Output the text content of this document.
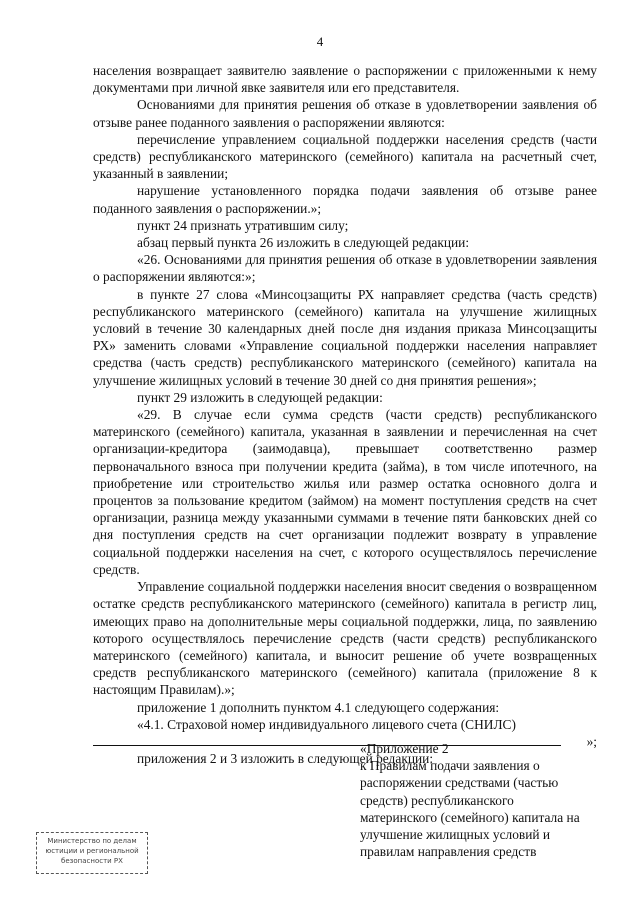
4

населения возвращает заявителю заявление о распоряжении с приложенными к нему документами при личной явке заявителя или его представителя.

Основаниями для принятия решения об отказе в удовлетворении заявления об отзыве ранее поданного заявления о распоряжении являются:

перечисление управлением социальной поддержки населения средств (части средств) республиканского материнского (семейного) капитала на расчетный счет, указанный в заявлении;

нарушение установленного порядка подачи заявления об отзыве ранее поданного заявления о распоряжении.»;

пункт 24 признать утратившим силу;

абзац первый пункта 26 изложить в следующей редакции:

«26. Основаниями для принятия решения об отказе в удовлетворении заявления о распоряжении являются:»;

в пункте 27 слова «Минсоцзащиты РХ направляет средства (часть средств) республиканского материнского (семейного) капитала на улучшение жилищных условий в течение 30 календарных дней после дня издания приказа Минсоцзащиты РХ» заменить словами «Управление социальной поддержки населения направляет средства (часть средств) республиканского материнского (семейного) капитала на улучшение жилищных условий в течение 30 дней со дня принятия решения»;

пункт 29 изложить в следующей редакции:

«29. В случае если сумма средств (части средств) республиканского материнского (семейного) капитала, указанная в заявлении и перечисленная на счет организации-кредитора (заимодавца), превышает соответственно размер первоначального взноса при получении кредита (займа), в том числе ипотечного, на приобретение или строительство жилья или размер остатка основного долга и процентов за пользование кредитом (займом) на момент поступления средств на счет организации, разница между указанными суммами в течение пяти банковских дней со дня поступления средств на счет организации подлежит возврату в управление социальной поддержки населения на счет, с которого осуществлялось перечисление средств.

Управление социальной поддержки населения вносит сведения о возвращенном остатке средств республиканского материнского (семейного) капитала в регистр лиц, имеющих право на дополнительные меры социальной поддержки, лица, по заявлению которого осуществлялось перечисление средств (части средств) республиканского материнского (семейного) капитала, и выносит решение об учете возвращенных средств республиканского материнского (семейного) капитала (приложение 8 к настоящим Правилам).»;

приложение 1 дополнить пунктом 4.1 следующего содержания:

«4.1. Страховой номер индивидуального лицевого счета (СНИЛС)

»;

приложения 2 и 3 изложить в следующей редакции:

«Приложение 2

к Правилам подачи заявления о

распоряжении средствами (частью

средств) республиканского

материнского (семейного) капитала на

улучшение жилищных условий и

правилам направления средств

Министерство по делам
юстиции и региональной
безопасности РХ
